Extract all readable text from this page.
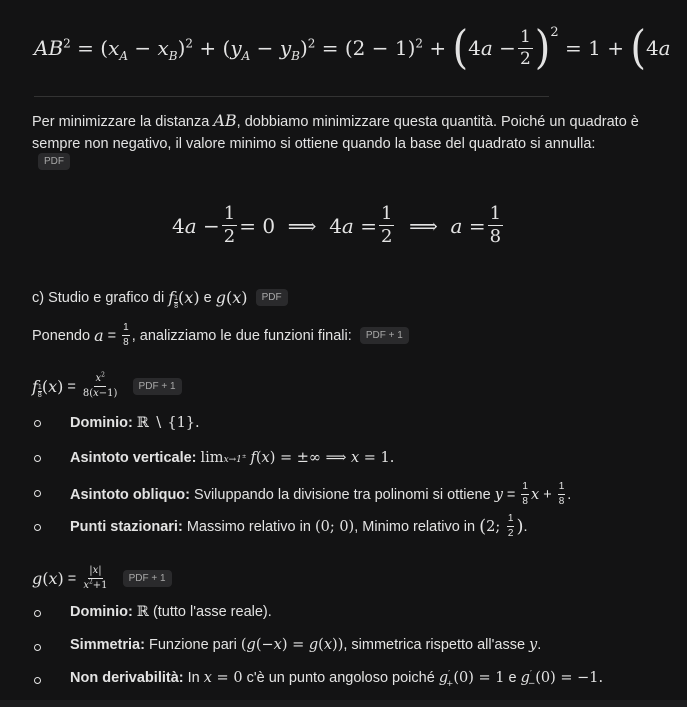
$AB^2$ = ( $x_A - x_B$ )$^2$ + ( $y_A - y_B$ )$^2 = (2 - 1)^2$ + ( 4 $a - \frac{1}{2} )^2$
= 1 + ( 4 a
Per minimizzare la distanza AB, dobbiamo minimizzare questa quantità. Poiché un quadrato è sempre non negativo, il valore minimo si ottiene quando la base del quadrato si annulla:
PDF
4 $a - \frac{1}{2} = 0$  ⟹  4 $a = \frac{1}{2}$ ⟹ $a = \frac{1}{8}$
c) Studio e grafico di
f 1
8 (x)
e
g(x)
	PDF
Ponendo
$a = \frac{1}{8}$ , analizziamo le due funzioni finali:
	PDF + 1
f 1
8 $(x) = \frac{x^2}{8(x-1)}$
	PDF + 1
Dominio:
ℝ ∖ {1}.
Asintoto verticale:
lim x→1±
f(x) = ±∞ ⟹ x = 1.
Asintoto obliquo:
Sviluppando la divisione tra polinomi si ottiene
$y = \frac{1}{8}$ $x + \frac{1}{8}$ .
Punti stazionari: Massimo relativo in (0; 0) , Minimo relativo in ( 2; $\frac{1}{2}$ ) .
$g(x) = \frac{|x|}{x^2+1}$
	PDF + 1
Dominio:
ℝ
(tutto l'asse reale).
Simmetria:
Funzione pari
(g(−x) = g(x)) , simmetrica rispetto all'asse
y .
Non derivabilità:
In
x = 0
c'è un punto angoloso poiché
$g'_+(0) = 1$
e
$g'_-(0) = -1$.
